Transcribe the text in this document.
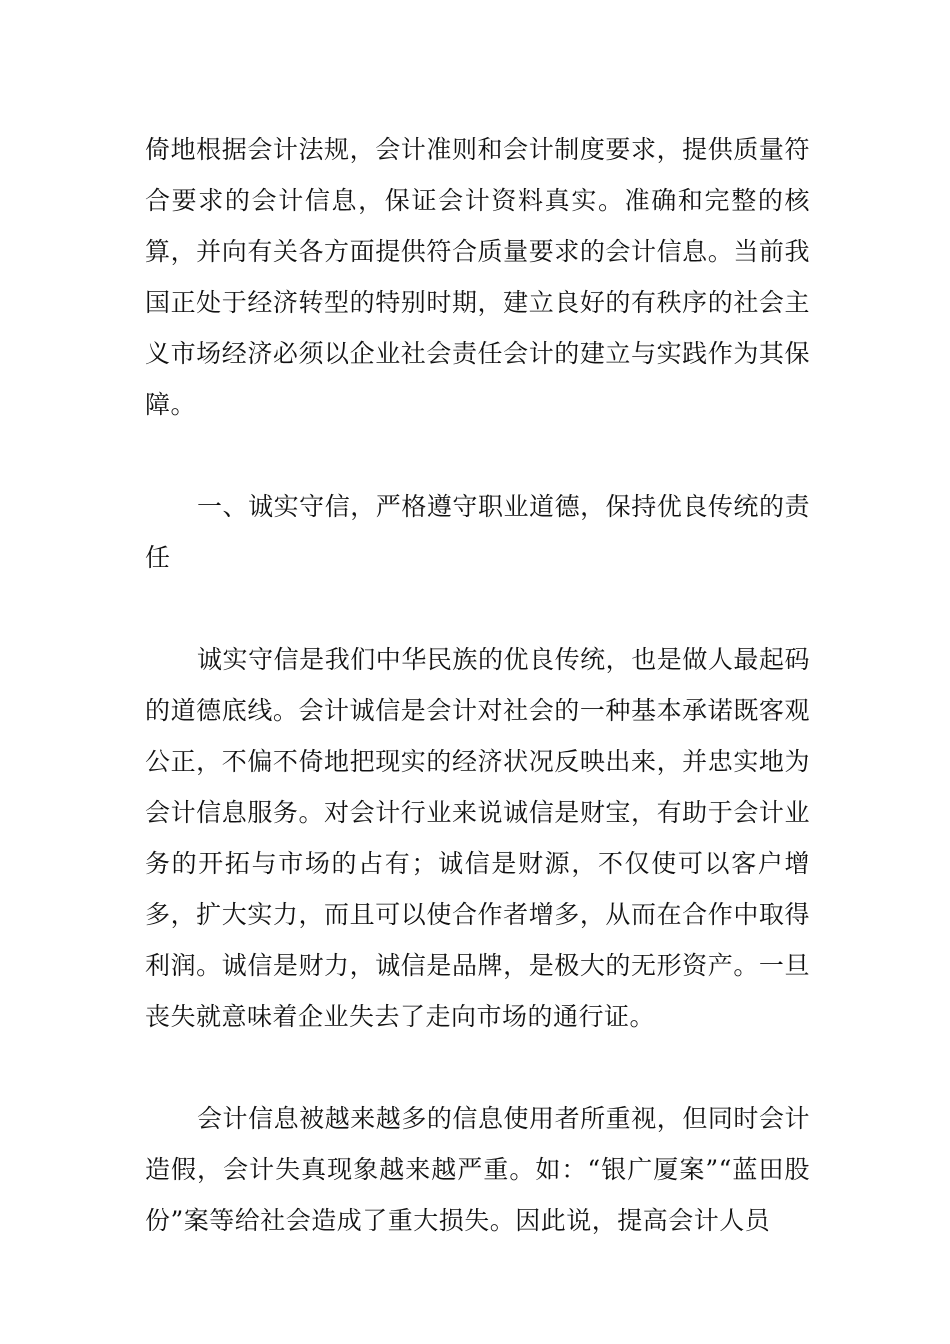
倚地根据会计法规，会计准则和会计制度要求，提供质量符合要求的会计信息，保证会计资料真实。准确和完整的核算，并向有关各方面提供符合质量要求的会计信息。当前我国正处于经济转型的特别时期，建立良好的有秩序的社会主义市场经济必须以企业社会责任会计的建立与实践作为其保障。

一、诚实守信，严格遵守职业道德，保持优良传统的责任

诚实守信是我们中华民族的优良传统，也是做人最起码的道德底线。会计诚信是会计对社会的一种基本承诺既客观公正，不偏不倚地把现实的经济状况反映出来，并忠实地为会计信息服务。对会计行业来说诚信是财宝，有助于会计业务的开拓与市场的占有；诚信是财源，不仅使可以客户增多，扩大实力，而且可以使合作者增多，从而在合作中取得利润。诚信是财力，诚信是品牌，是极大的无形资产。一旦丧失就意味着企业失去了走向市场的通行证。

会计信息被越来越多的信息使用者所重视，但同时会计造假，会计失真现象越来越严重。如：“银广厦案”“蓝田股份”案等给社会造成了重大损失。因此说，提高会计人员
